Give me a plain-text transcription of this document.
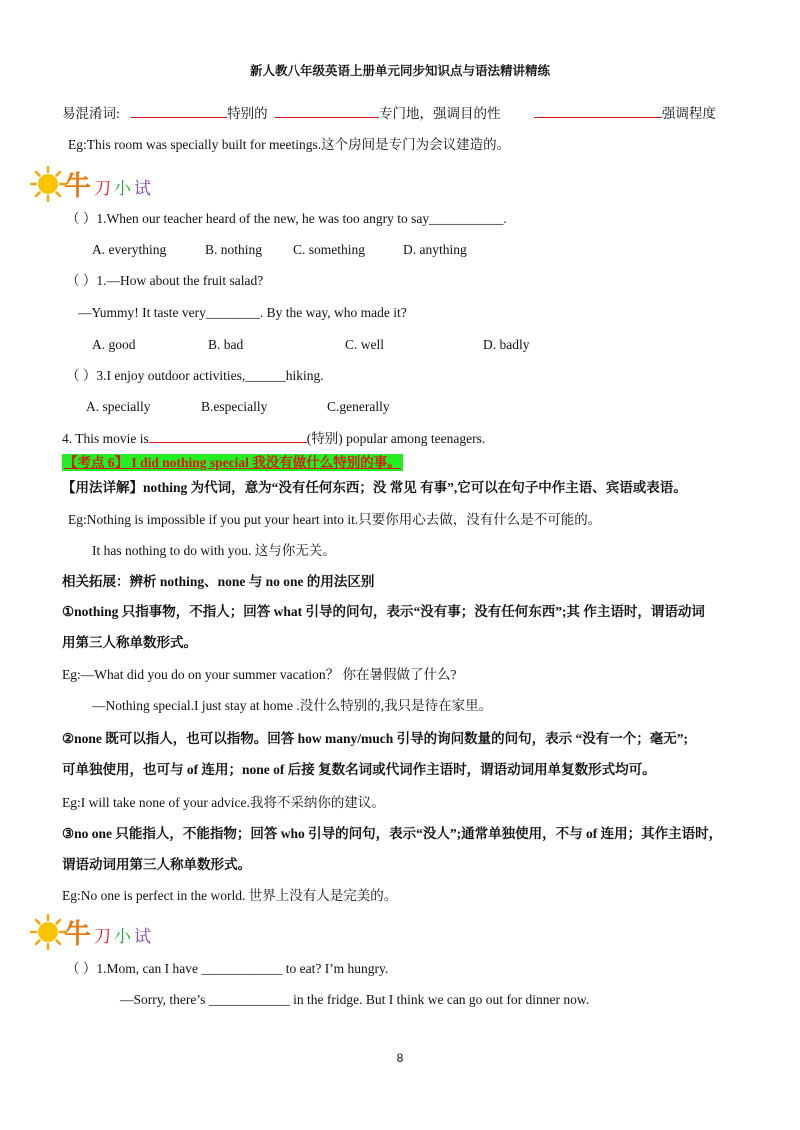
新人教八年级英语上册单元同步知识点与语法精讲精练
易混淆词:	特别的	专门地，强调目的性	强调程度
Eg:This room was specially built for meetings.这个房间是专门为会议建造的。
牛 刀 小 试
（ ）1.When our teacher heard of the new, he was too angry to say___________.
A. everything	B. nothing C. something	D. anything
（ ）1.—How about the fruit salad?
—Yummy! It taste very________. By the way, who made it?
A. good	B. bad	C. well	D. badly
（ ）3.I enjoy outdoor activities,______hiking.
A. specially	B.especially	C.generally
4. This movie is	(特别) popular among teenagers.
【考点 6】 I did nothing special 我没有做什么特别的事。
【用法详解】nothing 为代词，意为“没有任何东西；没 常见 有事”,它可以在句子中作主语、宾语或表语。
Eg:Nothing is impossible if you put your heart into it.只要你用心去做，没有什么是不可能的。
It has nothing to do with you. 这与你无关。
相关拓展：辨析 nothing、none 与 no one 的用法区别
①nothing 只指事物，不指人；回答 what 引导的问句，表示“没有事；没有任何东西”;其 作主语时，谓语动词
用第三人称单数形式。
Eg:—What did you do on your summer vacation？ 你在暑假做了什么?
—Nothing special.I just stay at home .没什么特别的,我只是待在家里。
②none 既可以指人，也可以指物。回答 how many/much 引导的询问数量的问句，表示 “没有一个；毫无”;
可单独使用，也可与 of 连用；none of 后接 复数名词或代词作主语时，谓语动词用单复数形式均可。
Eg:I will take none of your advice.我将不采纳你的建议。
③no one 只能指人，不能指物；回答 who 引导的问句，表示“没人”;通常单独使用，不与 of 连用；其作主语时，
谓语动词用第三人称单数形式。
Eg:No one is perfect in the world. 世界上没有人是完美的。
牛 刀 小 试
（ ）1.Mom, can I have ____________ to eat? I’m hungry.
—Sorry, there’s ____________ in the fridge. But I think we can go out for dinner now.
8
